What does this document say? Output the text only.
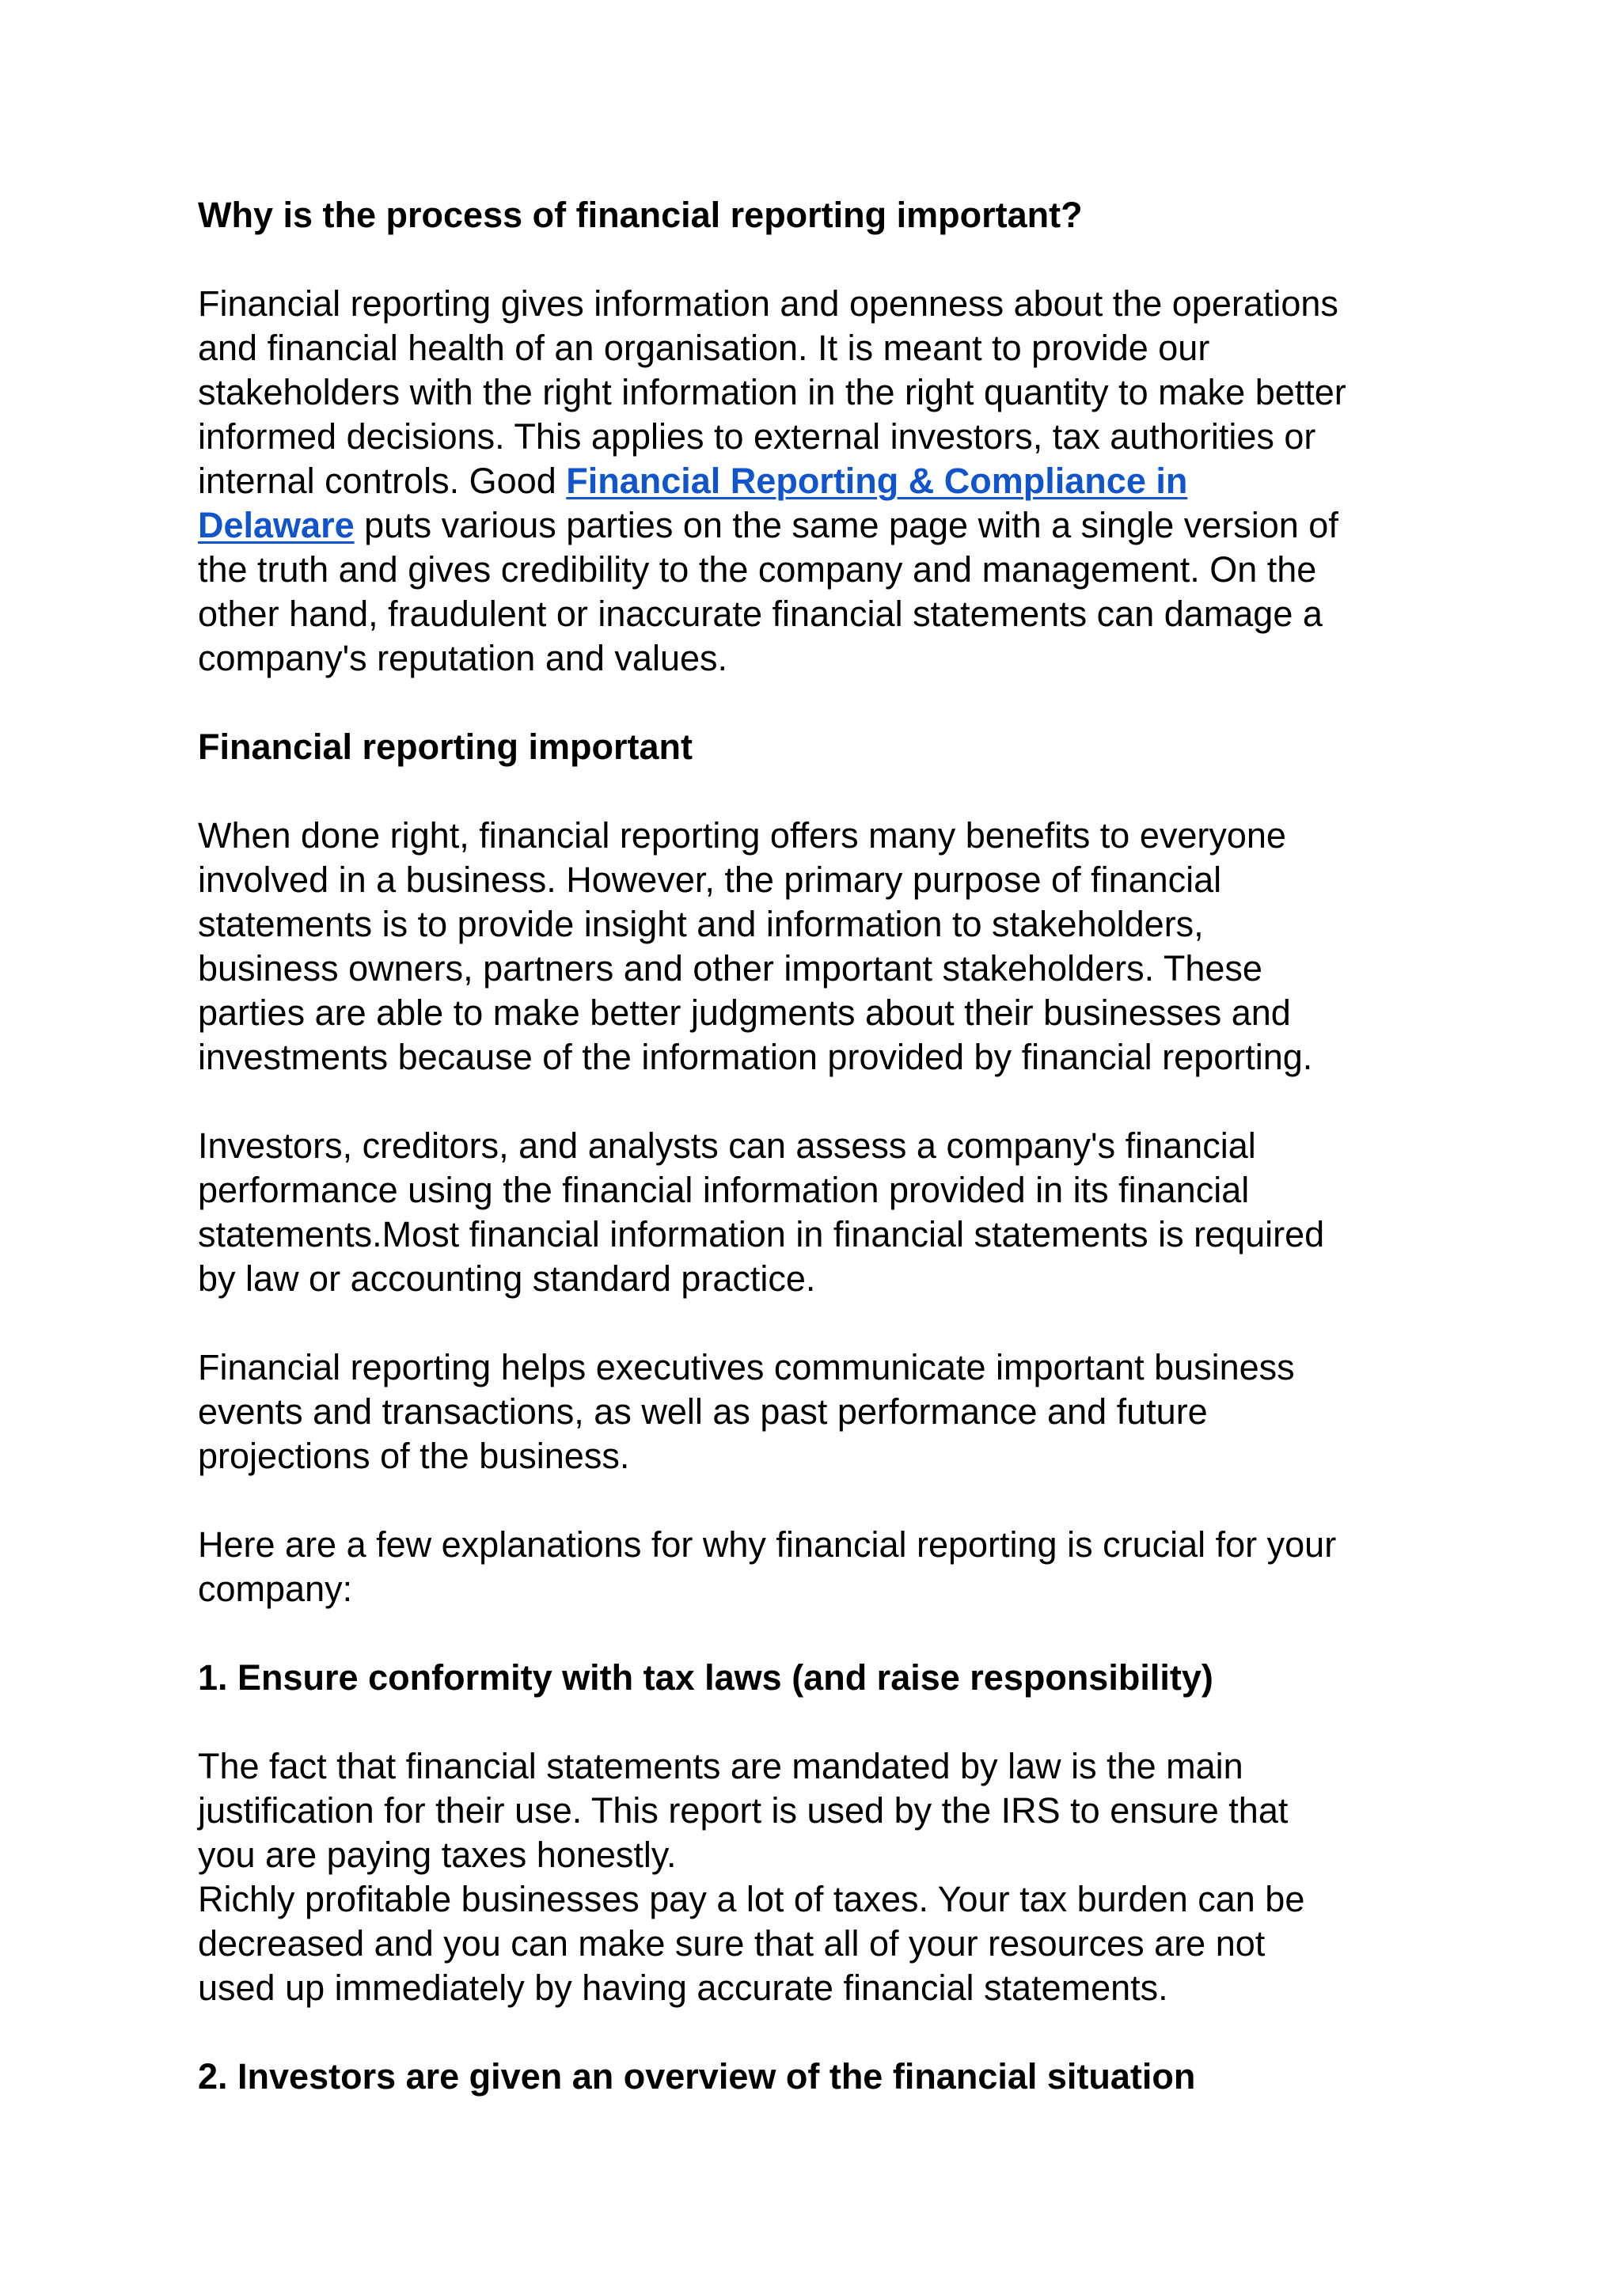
Why is the process of financial reporting important?

Financial reporting gives information and openness about the operations
and financial health of an organisation. It is meant to provide our
stakeholders with the right information in the right quantity to make better
informed decisions. This applies to external investors, tax authorities or
internal controls. Good Financial Reporting & Compliance in
Delaware puts various parties on the same page with a single version of
the truth and gives credibility to the company and management. On the
other hand, fraudulent or inaccurate financial statements can damage a
company's reputation and values.

Financial reporting important

When done right, financial reporting offers many benefits to everyone
involved in a business. However, the primary purpose of financial
statements is to provide insight and information to stakeholders,
business owners, partners and other important stakeholders. These
parties are able to make better judgments about their businesses and
investments because of the information provided by financial reporting.

Investors, creditors, and analysts can assess a company's financial
performance using the financial information provided in its financial
statements.Most financial information in financial statements is required
by law or accounting standard practice.

Financial reporting helps executives communicate important business
events and transactions, as well as past performance and future
projections of the business.

Here are a few explanations for why financial reporting is crucial for your
company:

1. Ensure conformity with tax laws (and raise responsibility)

The fact that financial statements are mandated by law is the main
justification for their use. This report is used by the IRS to ensure that
you are paying taxes honestly.
Richly profitable businesses pay a lot of taxes. Your tax burden can be
decreased and you can make sure that all of your resources are not
used up immediately by having accurate financial statements.

2. Investors are given an overview of the financial situation
